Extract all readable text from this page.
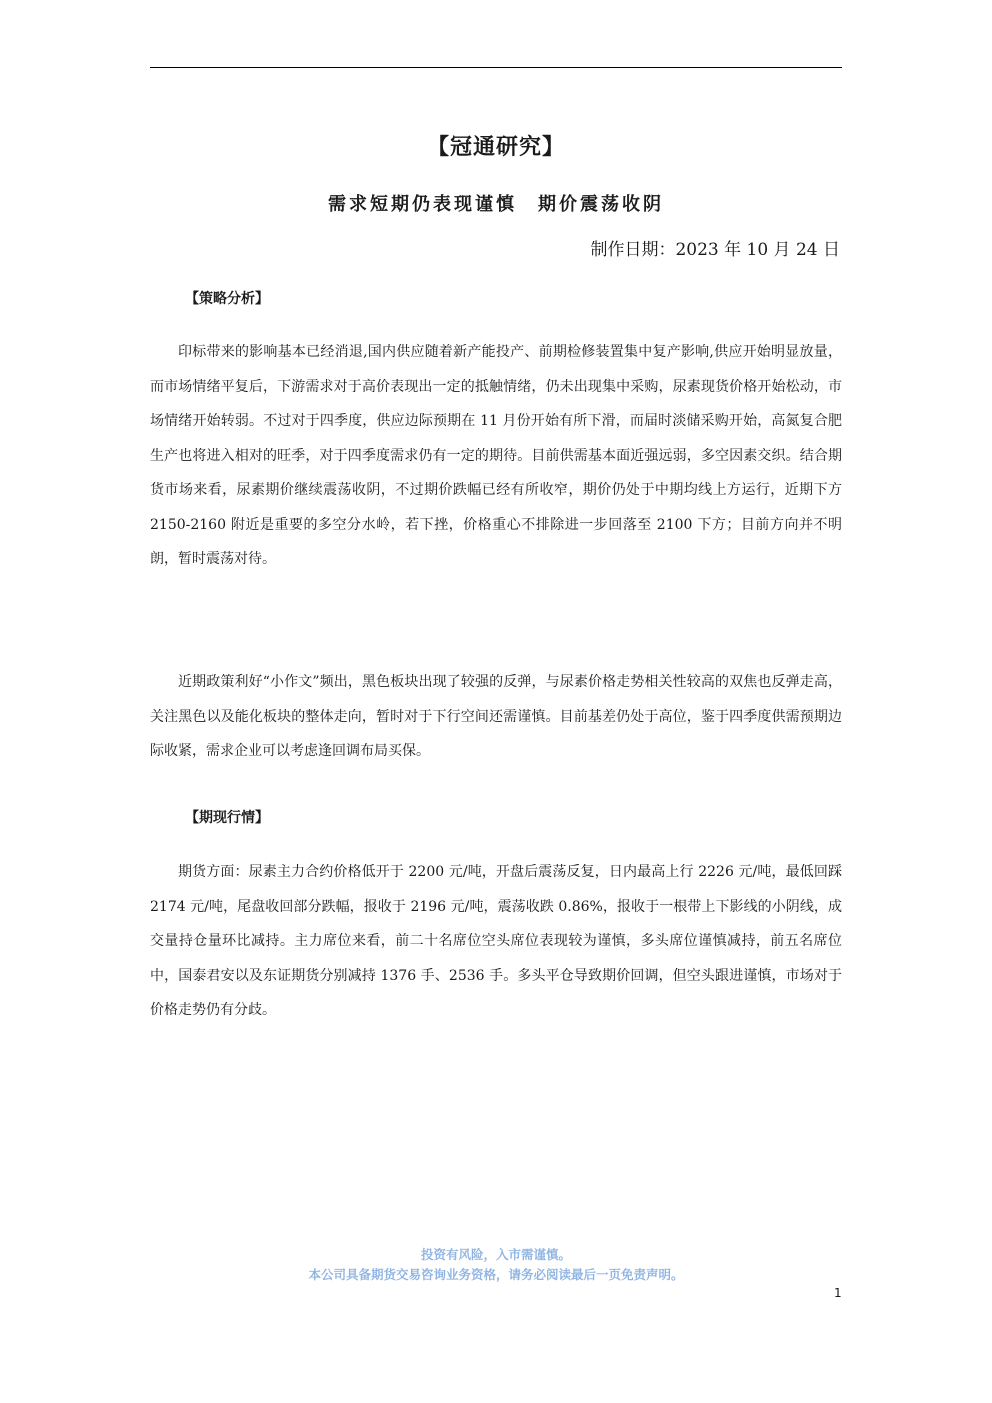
【冠通研究】
需求短期仍表现谨慎　期价震荡收阴
制作日期：2023 年 10 月 24 日
【策略分析】
印标带来的影响基本已经消退,国内供应随着新产能投产、前期检修装置集中复产影响,供应开始明显放量，而市场情绪平复后，下游需求对于高价表现出一定的抵触情绪，仍未出现集中采购，尿素现货价格开始松动，市场情绪开始转弱。不过对于四季度，供应边际预期在 11 月份开始有所下滑，而届时淡储采购开始，高氮复合肥生产也将进入相对的旺季，对于四季度需求仍有一定的期待。目前供需基本面近强远弱，多空因素交织。结合期货市场来看，尿素期价继续震荡收阴，不过期价跌幅已经有所收窄，期价仍处于中期均线上方运行，近期下方 2150-2160 附近是重要的多空分水岭，若下挫，价格重心不排除进一步回落至 2100 下方；目前方向并不明朗，暂时震荡对待。
近期政策利好“小作文”频出，黑色板块出现了较强的反弹，与尿素价格走势相关性较高的双焦也反弹走高，关注黑色以及能化板块的整体走向，暂时对于下行空间还需谨慎。目前基差仍处于高位，鉴于四季度供需预期边际收紧，需求企业可以考虑逢回调布局买保。
【期现行情】
期货方面：尿素主力合约价格低开于 2200 元/吨，开盘后震荡反复，日内最高上行 2226 元/吨，最低回踩 2174 元/吨，尾盘收回部分跌幅，报收于 2196 元/吨，震荡收跌 0.86%，报收于一根带上下影线的小阴线，成交量持仓量环比减持。主力席位来看，前二十名席位空头席位表现较为谨慎，多头席位谨慎减持，前五名席位中，国泰君安以及东证期货分别减持 1376 手、2536 手。多头平仓导致期价回调，但空头跟进谨慎，市场对于价格走势仍有分歧。
投资有风险，入市需谨慎。
本公司具备期货交易咨询业务资格，请务必阅读最后一页免责声明。
1
